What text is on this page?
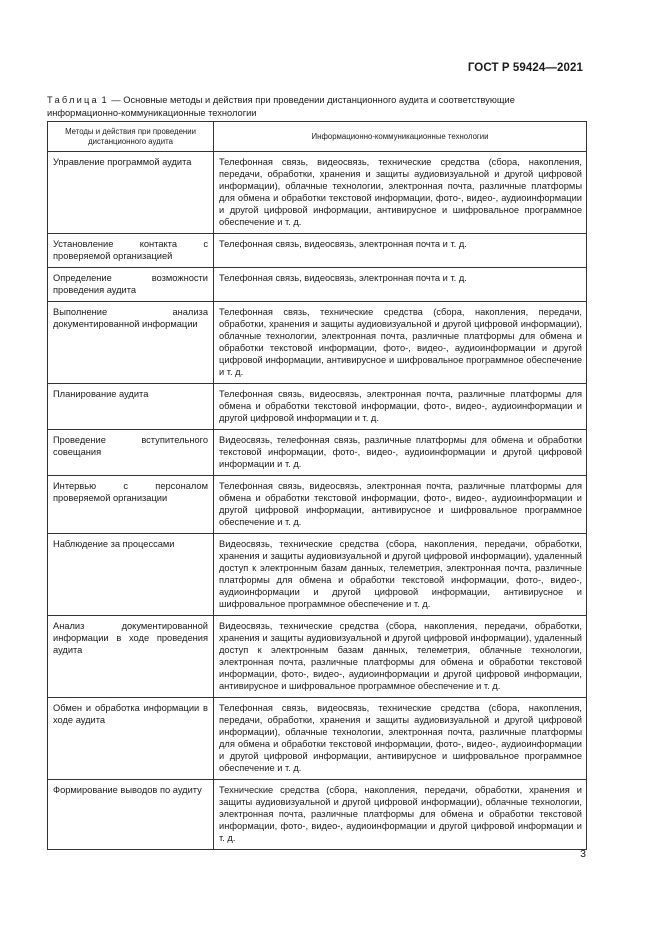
ГОСТ Р 59424—2021
Таблица 1 — Основные методы и действия при проведении дистанционного аудита и соответствующие информационно-коммуникационные технологии
Методы и действия при проведении дистанционного аудита	Информационно-коммуникационные технологии
Управление программой аудита	Телефонная связь, видеосвязь, технические средства (сбора, накопления, передачи, обработки, хранения и защиты аудиовизуальной и другой цифровой информации), облачные технологии, электронная почта, различные платформы для обмена и обработки текстовой информации, фото-, видео-, аудиоинформации и другой цифровой информации, антивирусное и шифровальное программное обеспечение и т. д.
Установление контакта с проверяемой организацией	Телефонная связь, видеосвязь, электронная почта и т. д.
Определение возможности проведения аудита	Телефонная связь, видеосвязь, электронная почта и т. д.
Выполнение анализа документированной информации	Телефонная связь, технические средства (сбора, накопления, передачи, обработки, хранения и защиты аудиовизуальной и другой цифровой информации), облачные технологии, электронная почта, различные платформы для обмена и обработки текстовой информации, фото-, видео-, аудиоинформации и другой цифровой информации, антивирусное и шифровальное программное обеспечение и т. д.
Планирование аудита	Телефонная связь, видеосвязь, электронная почта, различные платформы для обмена и обработки текстовой информации, фото-, видео-, аудиоинформации и другой цифровой информации и т. д.
Проведение вступительного совещания	Видеосвязь, телефонная связь, различные платформы для обмена и обработки текстовой информации, фото-, видео-, аудиоинформации и другой цифровой информации и т. д.
Интервью с персоналом проверяемой организации	Телефонная связь, видеосвязь, электронная почта, различные платформы для обмена и обработки текстовой информации, фото-, видео-, аудиоинформации и другой цифровой информации, антивирусное и шифровальное программное обеспечение и т. д.
Наблюдение за процессами	Видеосвязь, технические средства (сбора, накопления, передачи, обработки, хранения и защиты аудиовизуальной и другой цифровой информации), удаленный доступ к электронным базам данных, телеметрия, электронная почта, различные платформы для обмена и обработки текстовой информации, фото-, видео-, аудиоинформации и другой цифровой информации, антивирусное и шифровальное программное обеспечение и т. д.
Анализ документированной информации в ходе проведения аудита	Видеосвязь, технические средства (сбора, накопления, передачи, обработки, хранения и защиты аудиовизуальной и другой цифровой информации), удаленный доступ к электронным базам данных, телеметрия, облачные технологии, электронная почта, различные платформы для обмена и обработки текстовой информации, фото-, видео-, аудиоинформации и другой цифровой информации, антивирусное и шифровальное программное обеспечение и т. д.
Обмен и обработка информации в ходе аудита	Телефонная связь, видеосвязь, технические средства (сбора, накопления, передачи, обработки, хранения и защиты аудиовизуальной и другой цифровой информации), облачные технологии, электронная почта, различные платформы для обмена и обработки текстовой информации, фото-, видео-, аудиоинформации и другой цифровой информации, антивирусное и шифровальное программное обеспечение и т. д.
Формирование выводов по аудиту	Технические средства (сбора, накопления, передачи, обработки, хранения и защиты аудиовизуальной и другой цифровой информации), облачные технологии, электронная почта, различные платформы для обмена и обработки текстовой информации, фото-, видео-, аудиоинформации и другой цифровой информации и т. д.
3
